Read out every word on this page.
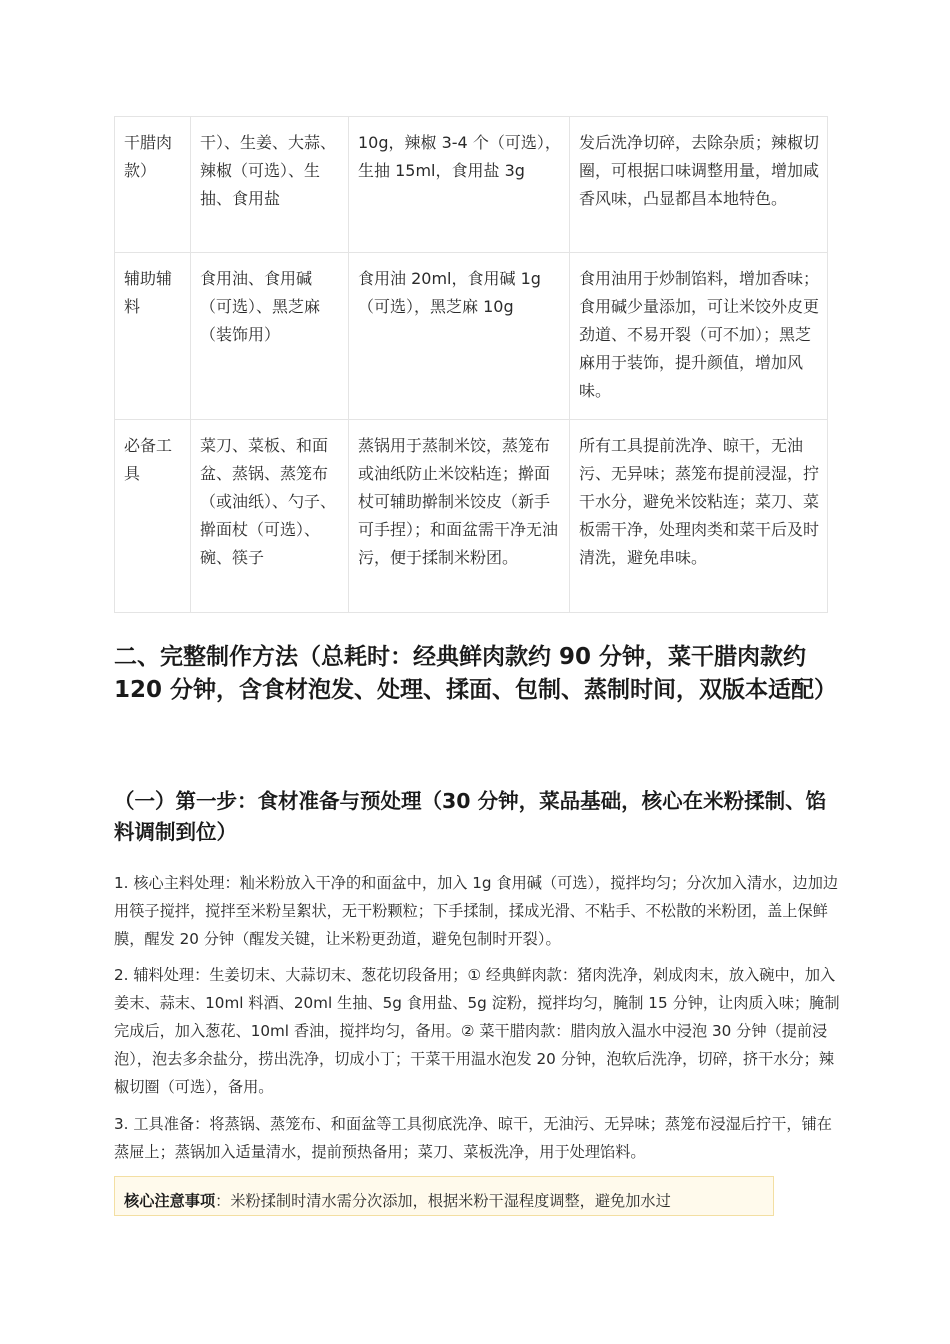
干腊肉款）	干）、生姜、大蒜、辣椒（可选）、生抽、食用盐	10g，辣椒 3-4 个（可选），生抽 15ml，食用盐 3g	发后洗净切碎，去除杂质；辣椒切圈，可根据口味调整用量，增加咸香风味，凸显都昌本地特色。
辅助辅料	食用油、食用碱（可选）、黑芝麻（装饰用）	食用油 20ml，食用碱 1g（可选），黑芝麻 10g	食用油用于炒制馅料，增加香味；食用碱少量添加，可让米饺外皮更劲道、不易开裂（可不加）；黑芝麻用于装饰，提升颜值，增加风味。
必备工具	菜刀、菜板、和面盆、蒸锅、蒸笼布（或油纸）、勺子、擀面杖（可选）、碗、筷子	蒸锅用于蒸制米饺，蒸笼布或油纸防止米饺粘连；擀面杖可辅助擀制米饺皮（新手可手捏）；和面盆需干净无油污，便于揉制米粉团。	所有工具提前洗净、晾干，无油污、无异味；蒸笼布提前浸湿，拧干水分，避免米饺粘连；菜刀、菜板需干净，处理肉类和菜干后及时清洗，避免串味。
二、完整制作方法（总耗时：经典鲜肉款约 90 分钟，菜干腊肉款约 120 分钟，含食材泡发、处理、揉面、包制、蒸制时间，双版本适配）
（一）第一步：食材准备与预处理（30 分钟，菜品基础，核心在米粉揉制、馅料调制到位）

1. 核心主料处理：籼米粉放入干净的和面盆中，加入 1g 食用碱（可选），搅拌均匀；分次加入清水，边加边用筷子搅拌，搅拌至米粉呈絮状，无干粉颗粒；下手揉制，揉成光滑、不粘手、不松散的米粉团，盖上保鲜膜，醒发 20 分钟（醒发关键，让米粉更劲道，避免包制时开裂）。

2. 辅料处理：生姜切末、大蒜切末、葱花切段备用；① 经典鲜肉款：猪肉洗净，剁成肉末，放入碗中，加入姜末、蒜末、10ml 料酒、20ml 生抽、5g 食用盐、5g 淀粉，搅拌均匀，腌制 15 分钟，让肉质入味；腌制完成后，加入葱花、10ml 香油，搅拌均匀，备用。② 菜干腊肉款：腊肉放入温水中浸泡 30 分钟（提前浸泡），泡去多余盐分，捞出洗净，切成小丁；干菜干用温水泡发 20 分钟，泡软后洗净，切碎，挤干水分；辣椒切圈（可选），备用。

3. 工具准备：将蒸锅、蒸笼布、和面盆等工具彻底洗净、晾干，无油污、无异味；蒸笼布浸湿后拧干，铺在蒸屉上；蒸锅加入适量清水，提前预热备用；菜刀、菜板洗净，用于处理馅料。

核心注意事项：米粉揉制时清水需分次添加，根据米粉干湿程度调整，避免加水过
